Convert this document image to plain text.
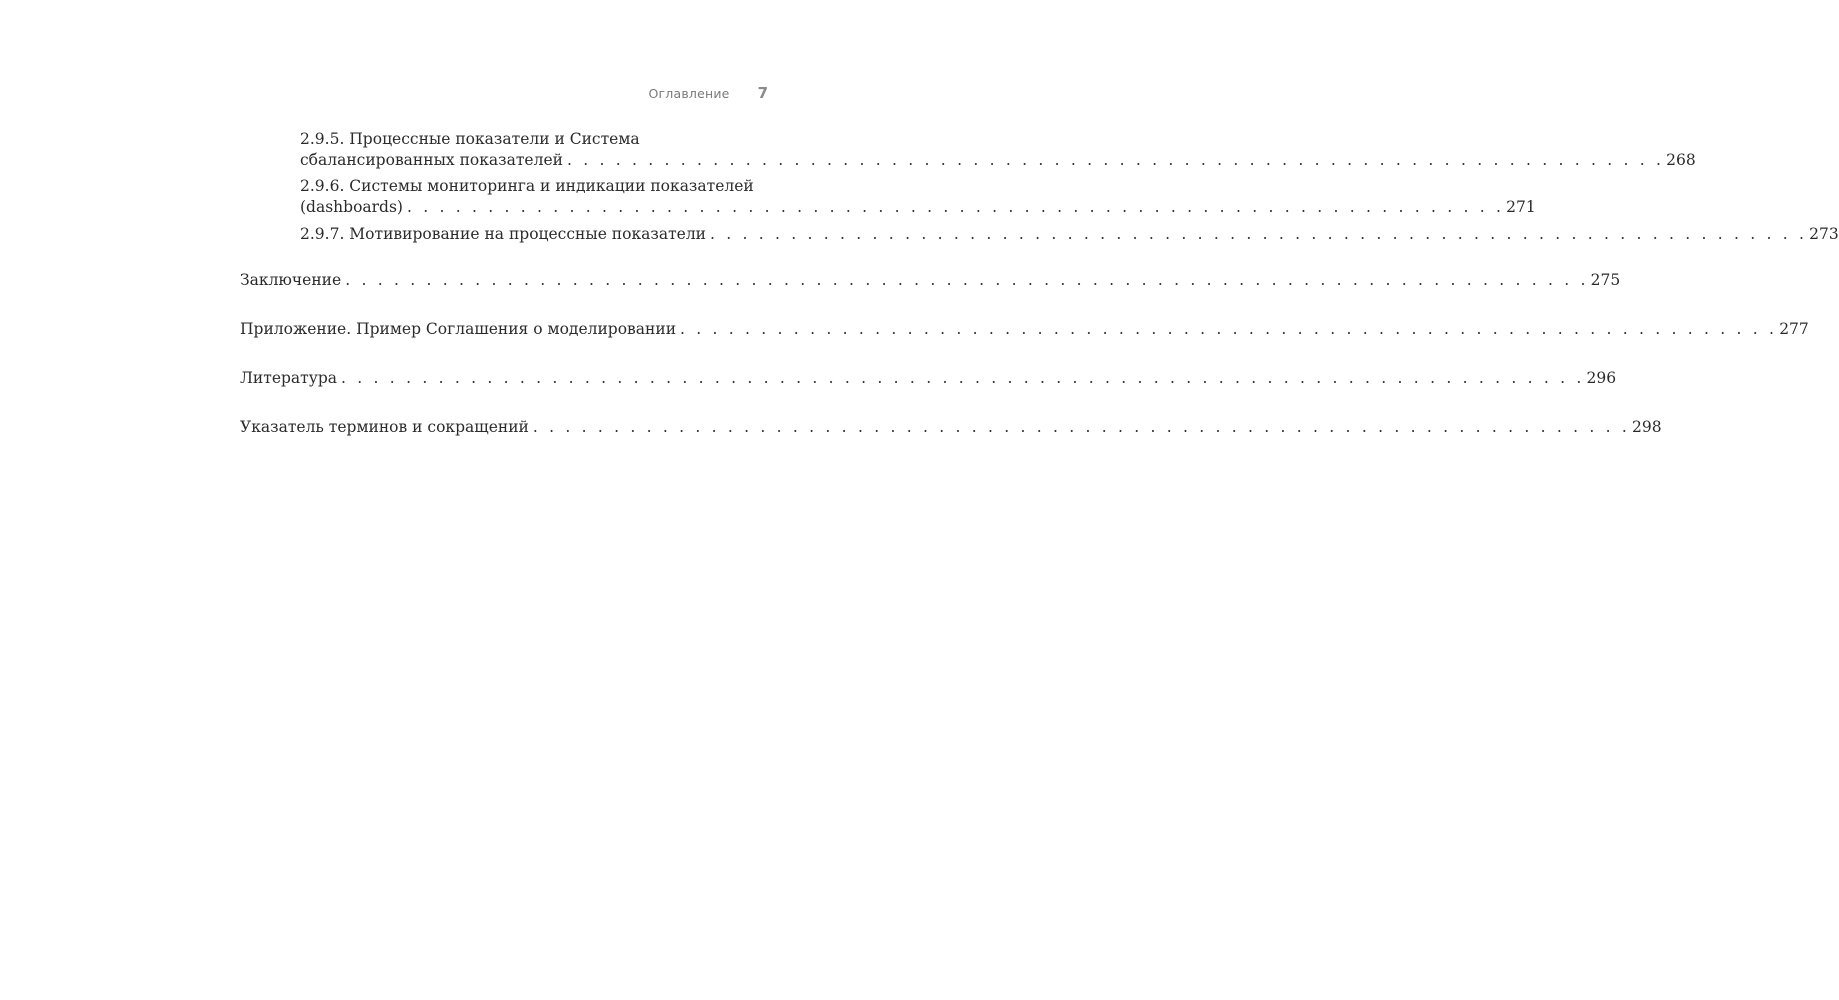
Оглавление 7
2.9.5. Процессные показатели и Система
сбалансированных показателей . . . . . . . . . . . . . . . . . . . . . . . . . . . . . . . . . . . . . . . . . . . . . . . . . . . . . . . . . . . . . . . . . . . . 268
2.9.6. Системы мониторинга и индикации показателей
(dashboards) . . . . . . . . . . . . . . . . . . . . . . . . . . . . . . . . . . . . . . . . . . . . . . . . . . . . . . . . . . . . . . . . . . . . 271
2.9.7. Мотивирование на процессные показатели . . . . . . . . . . . . . . . . . . . . . . . . . . . . . . . . . . . . . . . . . . . . . . . . . . . . . . . . . . . . . . . . . . . . 273
Заключение . . . . . . . . . . . . . . . . . . . . . . . . . . . . . . . . . . . . . . . . . . . . . . . . . . . . . . . . . . . . . . . . . . . . . . . . . . . . . 275
Приложение. Пример Соглашения о моделировании . . . . . . . . . . . . . . . . . . . . . . . . . . . . . . . . . . . . . . . . . . . . . . . . . . . . . . . . . . . . . . . . . . . . 277
Литература . . . . . . . . . . . . . . . . . . . . . . . . . . . . . . . . . . . . . . . . . . . . . . . . . . . . . . . . . . . . . . . . . . . . . . . . . . . . . 296
Указатель терминов и сокращений . . . . . . . . . . . . . . . . . . . . . . . . . . . . . . . . . . . . . . . . . . . . . . . . . . . . . . . . . . . . . . . . . . . . 298
